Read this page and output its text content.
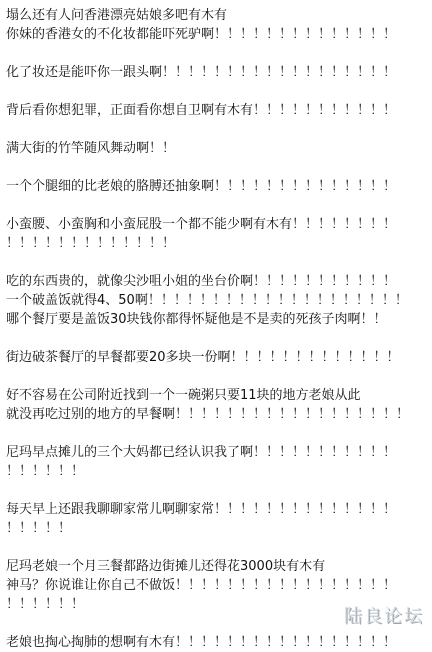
塌么还有人问香港漂亮姑娘多吧有木有
你妹的香港女的不化妆都能吓死驴啊！！！！！！！！！！！！！！
化了妆还是能吓你一跟头啊！！！！！！！！！！！！！！！！！！
背后看你想犯罪，正面看你想自卫啊有木有！！！！！！！！！！！
满大街的竹竿随风舞动啊！！
一个个腿细的比老娘的胳膊还抽象啊！！！！！！！！！！！！！！
小蛮腰、小蛮胸和小蛮屁股一个都不能少啊有木有！！！！！！！！
！！！！！！！！！！！！！
吃的东西贵的，就像尖沙咀小姐的坐台价啊！！！！！！！！！！！
一个破盖饭就得4、50啊！！！！！！！！！！！！！！！！！！！！
哪个餐厅要是盖饭30块钱你都得怀疑他是不是卖的死孩子肉啊！！
街边破茶餐厅的早餐都要20多块一份啊！！！！！！！！！！！！！
好不容易在公司附近找到一个一碗粥只要11块的地方老娘从此
就没再吃过别的地方的早餐啊！！！！！！！！！！！！！！！！！！
尼玛早点摊儿的三个大妈都已经认识我了啊！！！！！！！！！！！
！！！！！！
每天早上还跟我聊聊家常儿啊聊家常！！！！！！！！！！！！！！
！！！！！
尼玛老娘一个月三餐都路边街摊儿还得花3000块有木有
神马？你说谁让你自己不做饭！！！！！！！！！！！！！！！！！
！！！！！！
老娘也掏心掏肺的想啊有木有！！！！！！！！！！！！！！！！！
陆良论坛
